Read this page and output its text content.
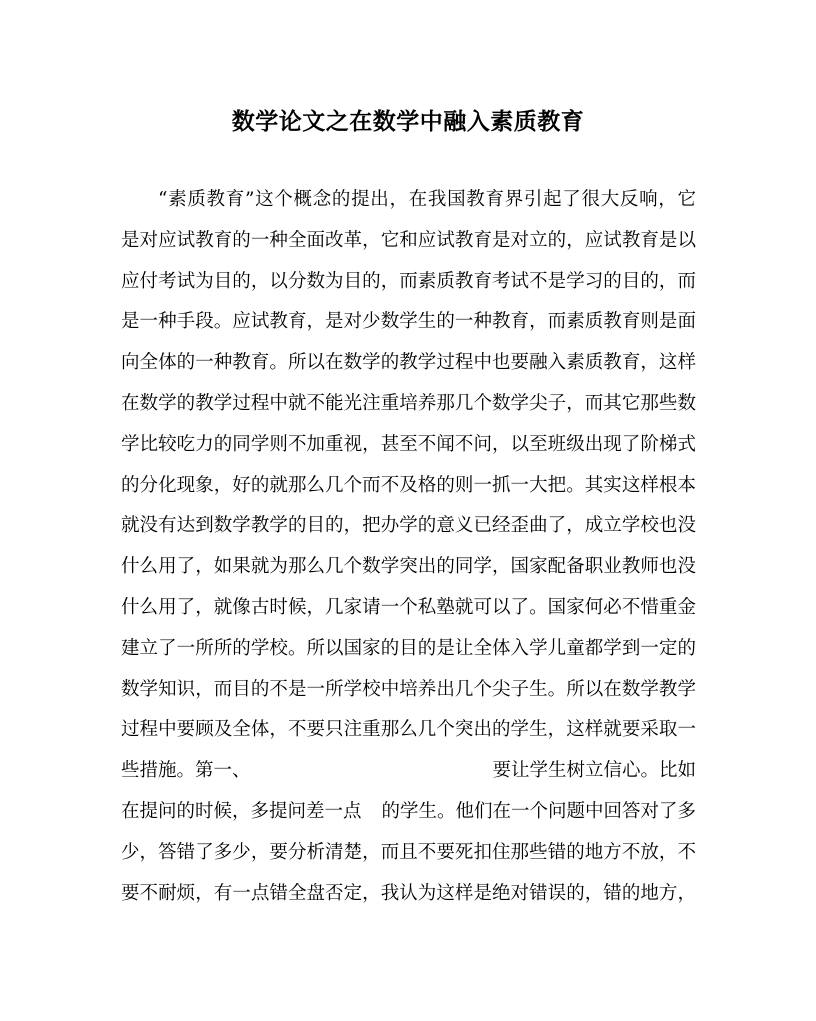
数学论文之在数学中融入素质教育
“素质教育”这个概念的提出，在我国教育界引起了很大反响，它
是对应试教育的一种全面改革，它和应试教育是对立的，应试教育是以
应付考试为目的，以分数为目的，而素质教育考试不是学习的目的，而
是一种手段。应试教育，是对少数学生的一种教育，而素质教育则是面
向全体的一种教育。所以在数学的教学过程中也要融入素质教育，这样
在数学的教学过程中就不能光注重培养那几个数学尖子，而其它那些数
学比较吃力的同学则不加重视，甚至不闻不问，以至班级出现了阶梯式
的分化现象，好的就那么几个而不及格的则一抓一大把。其实这样根本
就没有达到数学教学的目的，把办学的意义已经歪曲了，成立学校也没
什么用了，如果就为那么几个数学突出的同学，国家配备职业教师也没
什么用了，就像古时候，几家请一个私塾就可以了。国家何必不惜重金
建立了一所所的学校。所以国家的目的是让全体入学儿童都学到一定的
数学知识，而目的不是一所学校中培养出几个尖子生。所以在数学教学
过程中要顾及全体，不要只注重那么几个突出的学生，这样就要采取一
些措施。第一、	要让学生树立信心。比如
在提问的时候，多提问差一点 的学生。他们在一个问题中回答对了多
少，答错了多少，要分析清楚，而且不要死扣住那些错的地方不放，不
要不耐烦，有一点错全盘否定，我认为这样是绝对错误的，错的地方，
